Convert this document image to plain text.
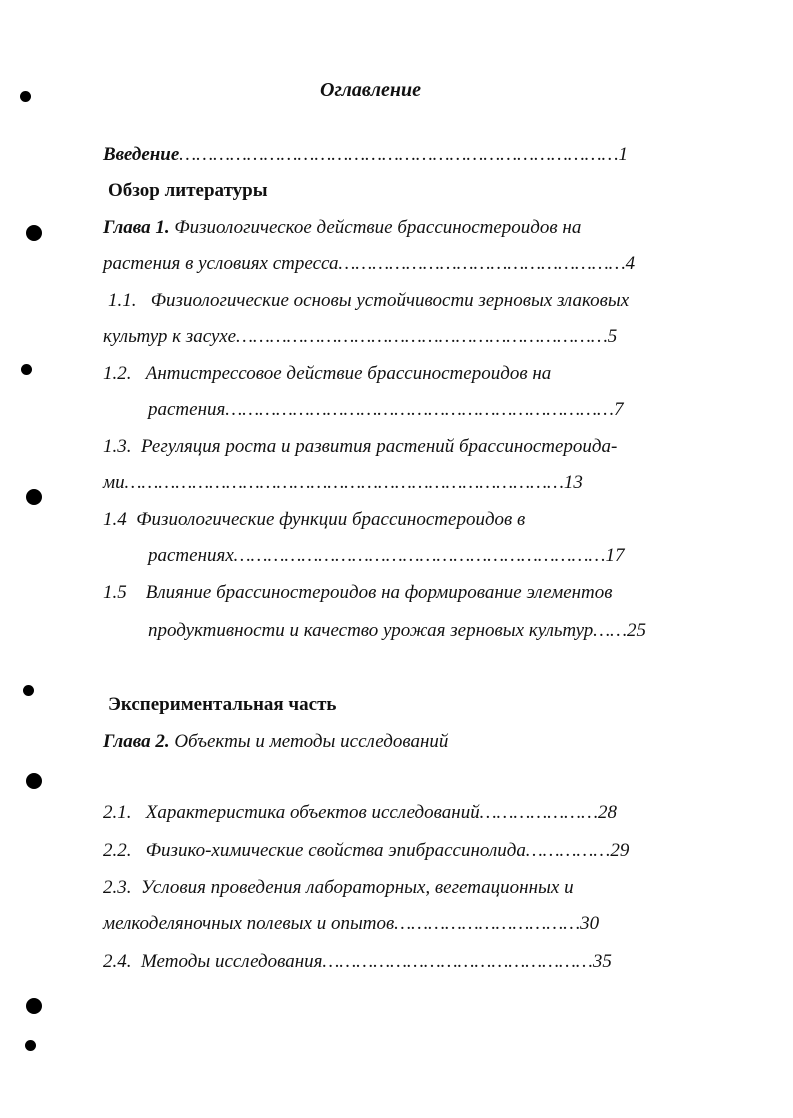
Оглавление
Введение……………………………………………………………………1
Обзор литературы
Глава 1. Физиологическое действие брассиностероидов на
растения в условиях стресса……………………………………………4
1.1. Физиологические основы устойчивости зерновых злаковых
культур к засухе…………………………………………………………5
1.2. Антистрессовое действие брассиностероидов на
растения……………………………………………………………7
1.3. Регуляция роста и развития растений брассиностероида-
ми……………………………………………………………………13
1.4 Физиологические функции брассиностероидов в
растениях…………………………………………………………17
1.5 Влияние брассиностероидов на формирование элементов
продуктивности и качество урожая зерновых культур……25
Экспериментальная часть
Глава 2. Объекты и методы исследований
2.1. Характеристика объектов исследований…………………28
2.2. Физико-химические свойства эпибрассинолида……………29
2.3. Условия проведения лабораторных, вегетационных и
мелкоделяночных полевых и опытов……………………………30
2.4. Методы исследования…………………………………………35
